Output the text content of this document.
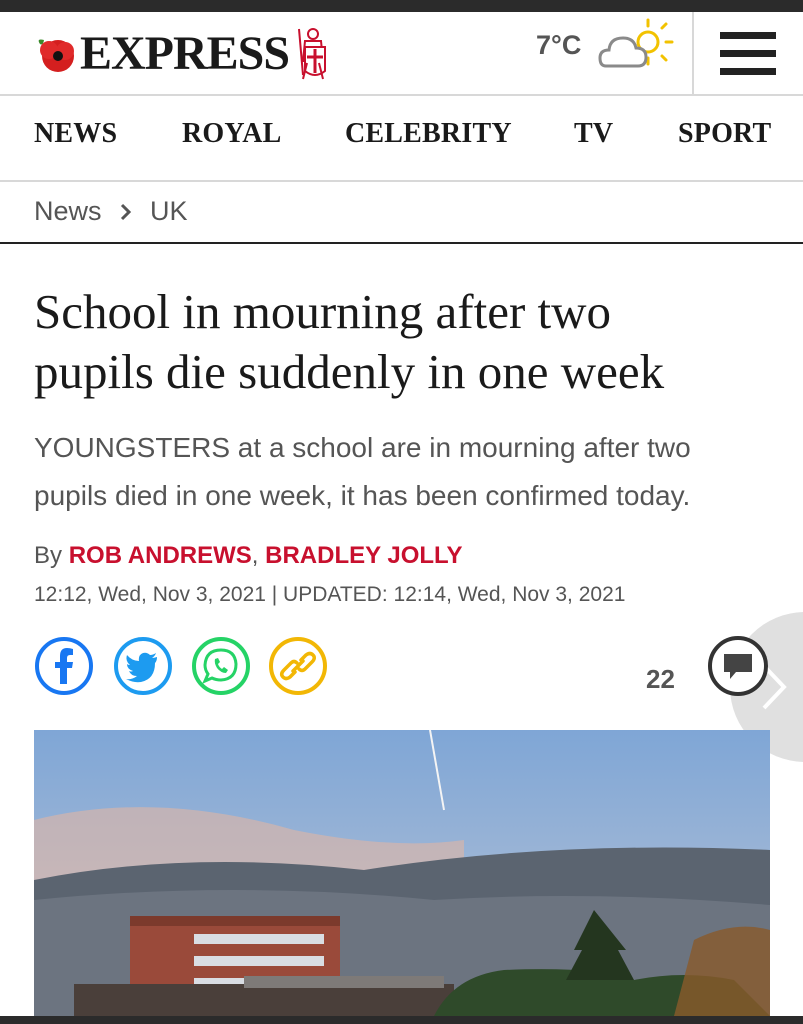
EXPRESS	7°C
NEWS ROYAL CELEBRITY TV SPORT
News UK
School in mourning after two
pupils die suddenly in one week

YOUNGSTERS at a school are in mourning after two
pupils died in one week, it has been confirmed today.

By ROB ANDREWS, BRADLEY JOLLY
12:12, Wed, Nov 3, 2021 | UPDATED: 12:14, Wed, Nov 3, 2021
22
